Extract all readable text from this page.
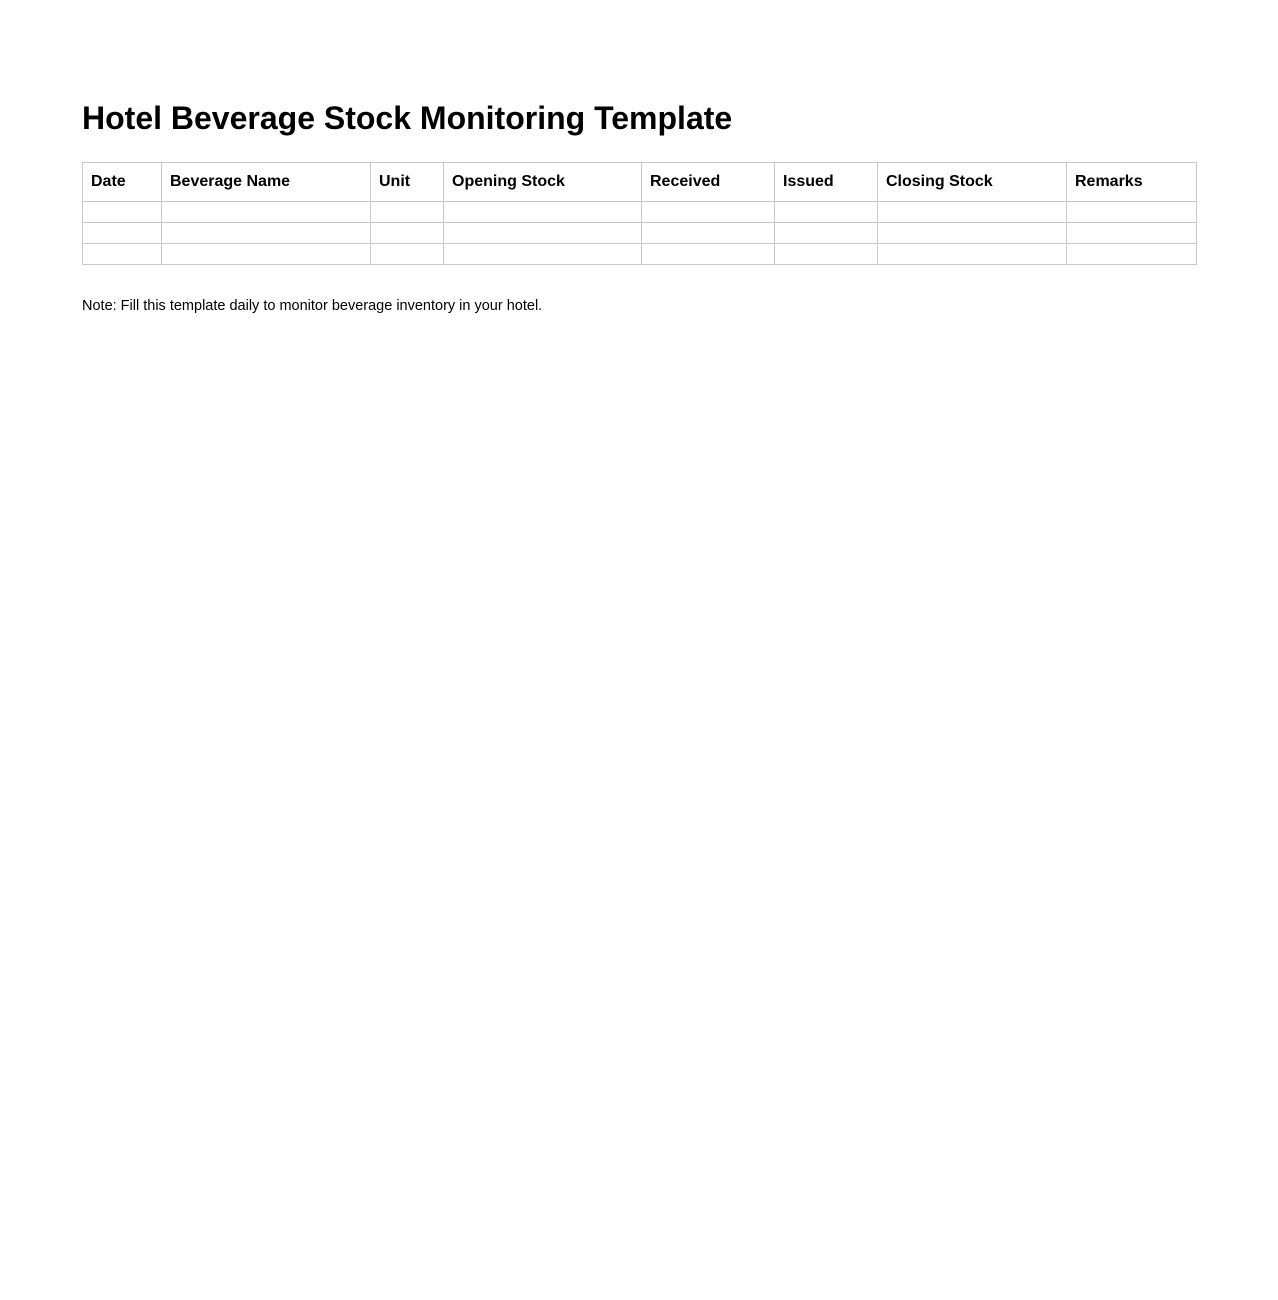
Hotel Beverage Stock Monitoring Template
Date	Beverage Name	Unit	Opening Stock	Received	Issued	Closing Stock	Remarks

Note: Fill this template daily to monitor beverage inventory in your hotel.
